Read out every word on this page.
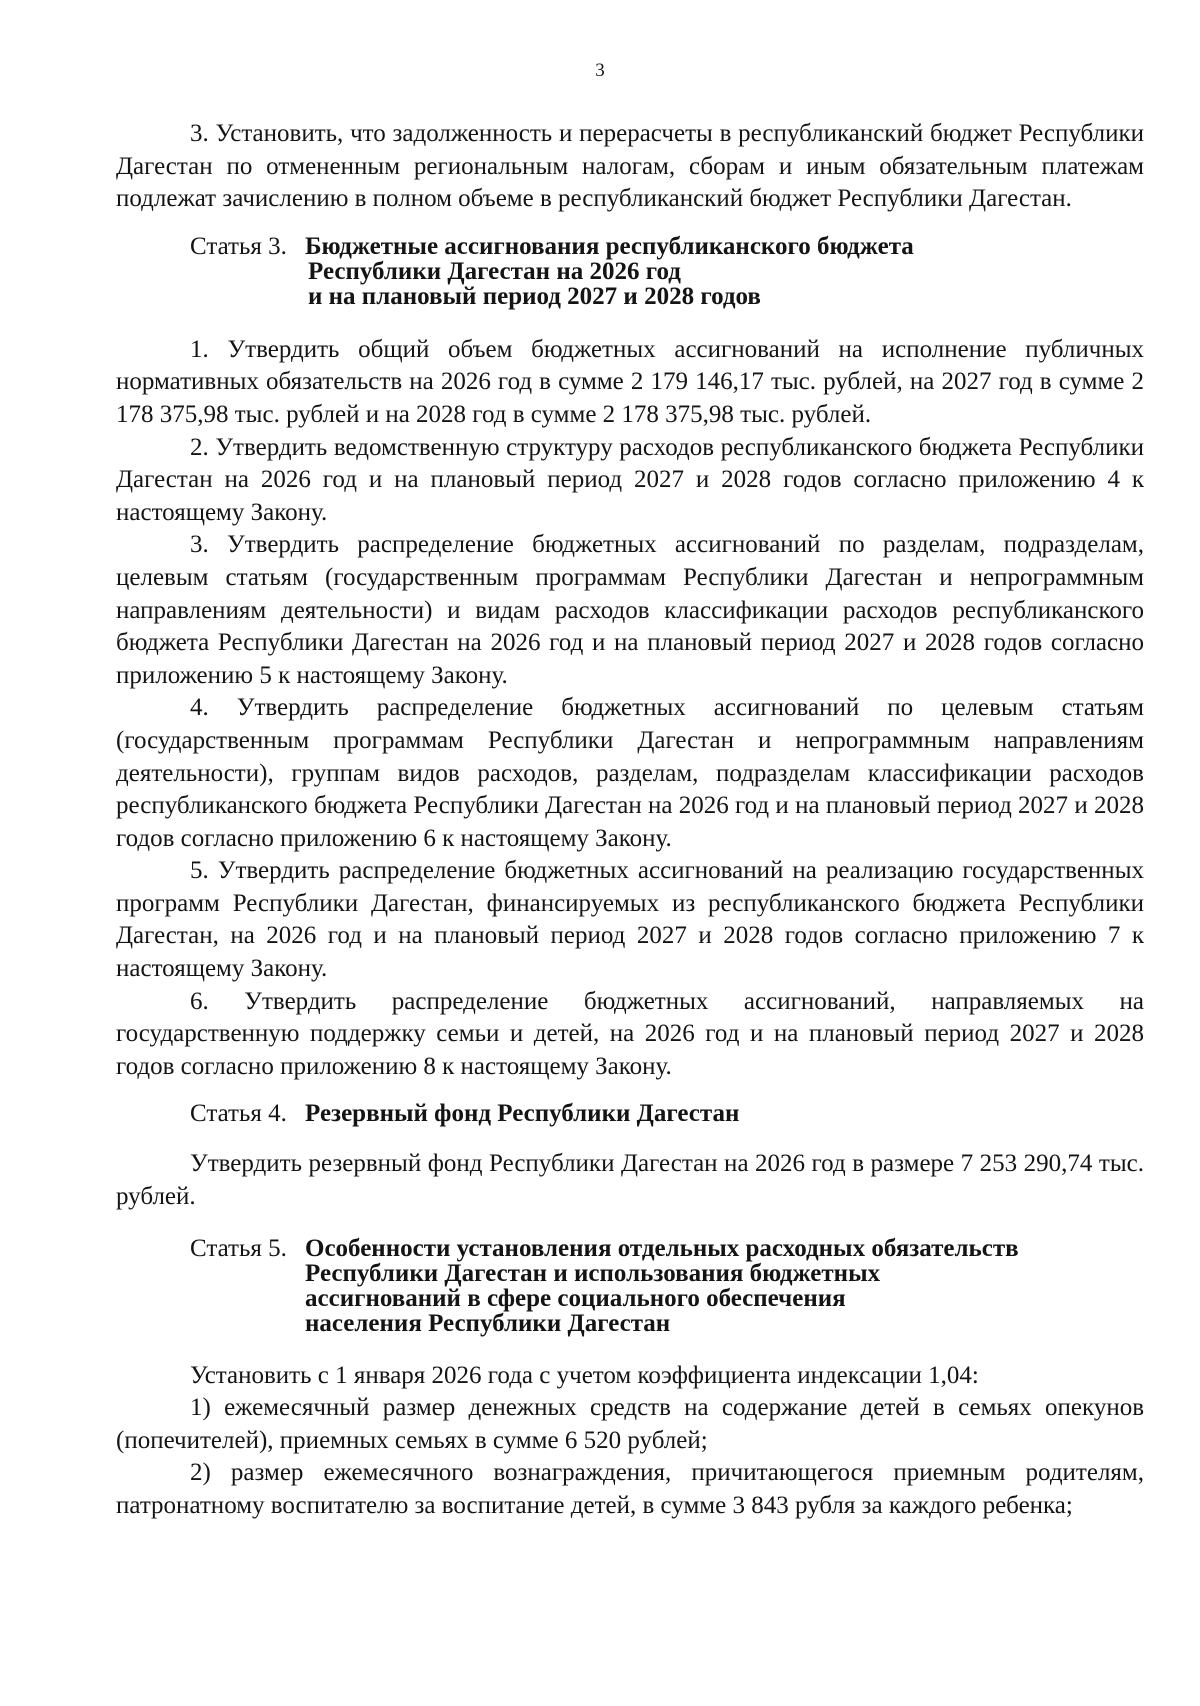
3

3. Установить, что задолженность и перерасчеты в республиканский бюджет Республики Дагестан по отмененным региональным налогам, сборам и иным обязательным платежам подлежат зачислению в полном объеме в республиканский бюджет Республики Дагестан.

Статья 3. Бюджетные ассигнования республиканского бюджета
Республики Дагестан на 2026 год
и на плановый период 2027 и 2028 годов

1. Утвердить общий объем бюджетных ассигнований на исполнение публичных нормативных обязательств на 2026 год в сумме 2 179 146,17 тыс. рублей, на 2027 год в сумме 2 178 375,98 тыс. рублей и на 2028 год в сумме 2 178 375,98 тыс. рублей.

2. Утвердить ведомственную структуру расходов республиканского бюджета Республики Дагестан на 2026 год и на плановый период 2027 и 2028 годов согласно приложению 4 к настоящему Закону.

3. Утвердить распределение бюджетных ассигнований по разделам, подразделам, целевым статьям (государственным программам Республики Дагестан и непрограммным направлениям деятельности) и видам расходов классификации расходов республиканского бюджета Республики Дагестан на 2026 год и на плановый период 2027 и 2028 годов согласно приложению 5 к настоящему Закону.

4. Утвердить распределение бюджетных ассигнований по целевым статьям (государственным программам Республики Дагестан и непрограммным направлениям деятельности), группам видов расходов, разделам, подразделам классификации расходов республиканского бюджета Республики Дагестан на 2026 год и на плановый период 2027 и 2028 годов согласно приложению 6 к настоящему Закону.

5. Утвердить распределение бюджетных ассигнований на реализацию государственных программ Республики Дагестан, финансируемых из республиканского бюджета Республики Дагестан, на 2026 год и на плановый период 2027 и 2028 годов согласно приложению 7 к настоящему Закону.

6. Утвердить распределение бюджетных ассигнований, направляемых на государственную поддержку семьи и детей, на 2026 год и на плановый период 2027 и 2028 годов согласно приложению 8 к настоящему Закону.

Статья 4. Резервный фонд Республики Дагестан

Утвердить резервный фонд Республики Дагестан на 2026 год в размере 7 253 290,74 тыс. рублей.

Статья 5. Особенности установления отдельных расходных обязательств
Республики Дагестан и использования бюджетных
ассигнований в сфере социального обеспечения
населения Республики Дагестан

Установить с 1 января 2026 года с учетом коэффициента индексации 1,04:

1) ежемесячный размер денежных средств на содержание детей в семьях опекунов (попечителей), приемных семьях в сумме 6 520 рублей;

2) размер ежемесячного вознаграждения, причитающегося приемным родителям, патронатному воспитателю за воспитание детей, в сумме 3 843 рубля за каждого ребенка;
